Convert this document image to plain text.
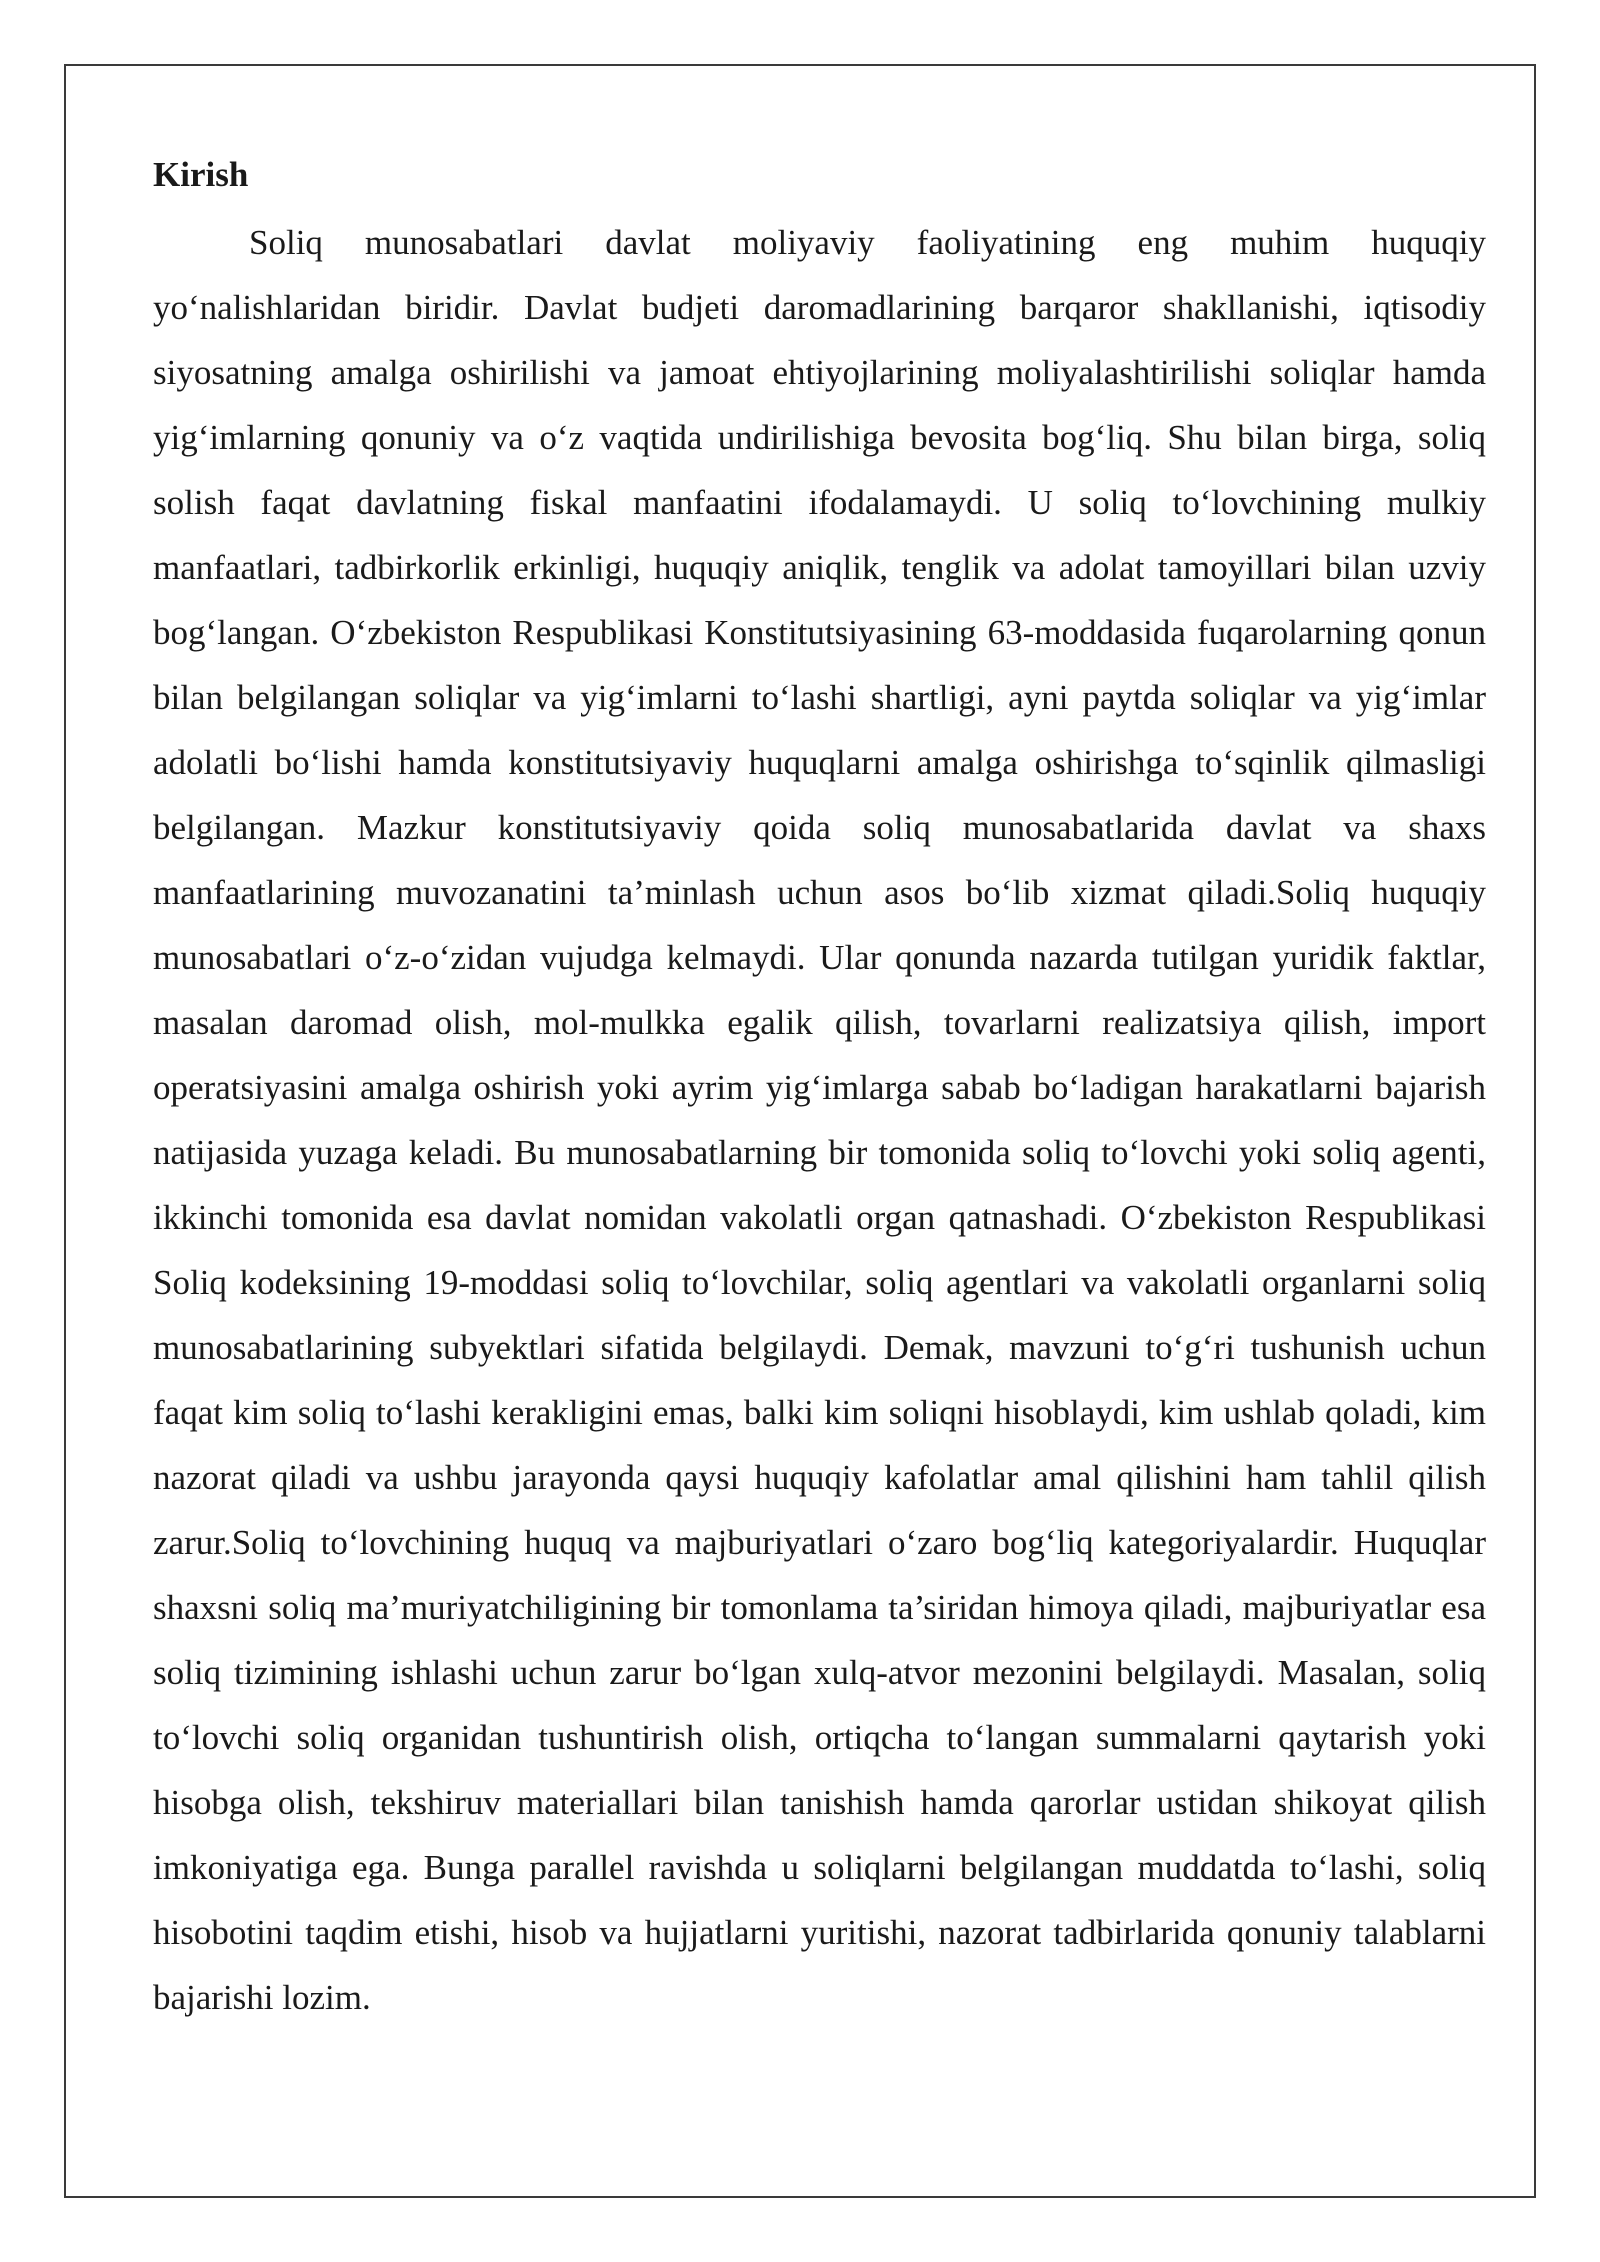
Kirish

Soliq munosabatlari davlat moliyaviy faoliyatining eng muhim huquqiy yo‘nalishlaridan biridir. Davlat budjeti daromadlarining barqaror shakllanishi, iqtisodiy siyosatning amalga oshirilishi va jamoat ehtiyojlarining moliyalashtirilishi soliqlar hamda yig‘imlarning qonuniy va o‘z vaqtida undirilishiga bevosita bog‘liq. Shu bilan birga, soliq solish faqat davlatning fiskal manfaatini ifodalamaydi. U soliq to‘lovchining mulkiy manfaatlari, tadbirkorlik erkinligi, huquqiy aniqlik, tenglik va adolat tamoyillari bilan uzviy bog‘langan. O‘zbekiston Respublikasi Konstitutsiyasining 63-moddasida fuqarolarning qonun bilan belgilangan soliqlar va yig‘imlarni to‘lashi shartligi, ayni paytda soliqlar va yig‘imlar adolatli bo‘lishi hamda konstitutsiyaviy huquqlarni amalga oshirishga to‘sqinlik qilmasligi belgilangan. Mazkur konstitutsiyaviy qoida soliq munosabatlarida davlat va shaxs manfaatlarining muvozanatini ta’minlash uchun asos bo‘lib xizmat qiladi.Soliq huquqiy munosabatlari o‘z-o‘zidan vujudga kelmaydi. Ular qonunda nazarda tutilgan yuridik faktlar, masalan daromad olish, mol-mulkka egalik qilish, tovarlarni realizatsiya qilish, import operatsiyasini amalga oshirish yoki ayrim yig‘imlarga sabab bo‘ladigan harakatlarni bajarish natijasida yuzaga keladi. Bu munosabatlarning bir tomonida soliq to‘lovchi yoki soliq agenti, ikkinchi tomonida esa davlat nomidan vakolatli organ qatnashadi. O‘zbekiston Respublikasi Soliq kodeksining 19-moddasi soliq to‘lovchilar, soliq agentlari va vakolatli organlarni soliq munosabatlarining subyektlari sifatida belgilaydi. Demak, mavzuni to‘g‘ri tushunish uchun faqat kim soliq to‘lashi kerakligini emas, balki kim soliqni hisoblaydi, kim ushlab qoladi, kim nazorat qiladi va ushbu jarayonda qaysi huquqiy kafolatlar amal qilishini ham tahlil qilish zarur.Soliq to‘lovchining huquq va majburiyatlari o‘zaro bog‘liq kategoriyalardir. Huquqlar shaxsni soliq ma’muriyatchiligining bir tomonlama ta’siridan himoya qiladi, majburiyatlar esa soliq tizimining ishlashi uchun zarur bo‘lgan xulq-atvor mezonini belgilaydi. Masalan, soliq to‘lovchi soliq organidan tushuntirish olish, ortiqcha to‘langan summalarni qaytarish yoki hisobga olish, tekshiruv materiallari bilan tanishish hamda qarorlar ustidan shikoyat qilish imkoniyatiga ega. Bunga parallel ravishda u soliqlarni belgilangan muddatda to‘lashi, soliq hisobotini taqdim etishi, hisob va hujjatlarni yuritishi, nazorat tadbirlarida qonuniy talablarni bajarishi lozim.
